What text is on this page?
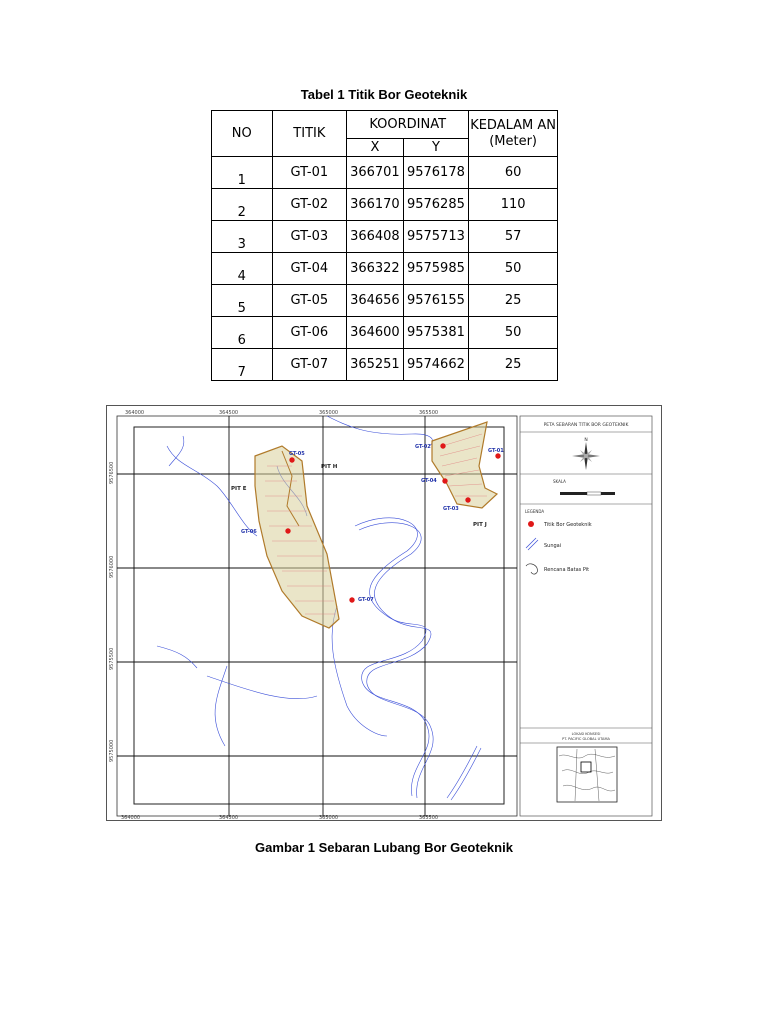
Tabel 1 Titik Bor Geoteknik
NO	TITIK	KOORDINAT		KEDALAM AN (Meter)
		X	Y	
1	GT-01	366701	9576178	60
2	GT-02	366170	9576285	110
3	GT-03	366408	9575713	57
4	GT-04	366322	9575985	50
5	GT-05	364656	9576155	25
6	GT-06	364600	9575381	50
7	GT-07	365251	9574662	25
364000	364500	365000	365500
364000	364500	365000	365500
9576500
9576000
9575500
9575000
GT-01
GT-02
GT-03
GT-04
GT-05
GT-06
GT-07
PIT E
PIT H
PIT J
PETA SEBARAN TITIK BOR GEOTEKNIK
N
SKALA
LEGENDA
Titik Bor Geoteknik
Sungai
Rencana Batas Pit
LOKASI KONSESI
PT. PACIFIC GLOBAL UTAMA
Gambar 1 Sebaran Lubang Bor Geoteknik
